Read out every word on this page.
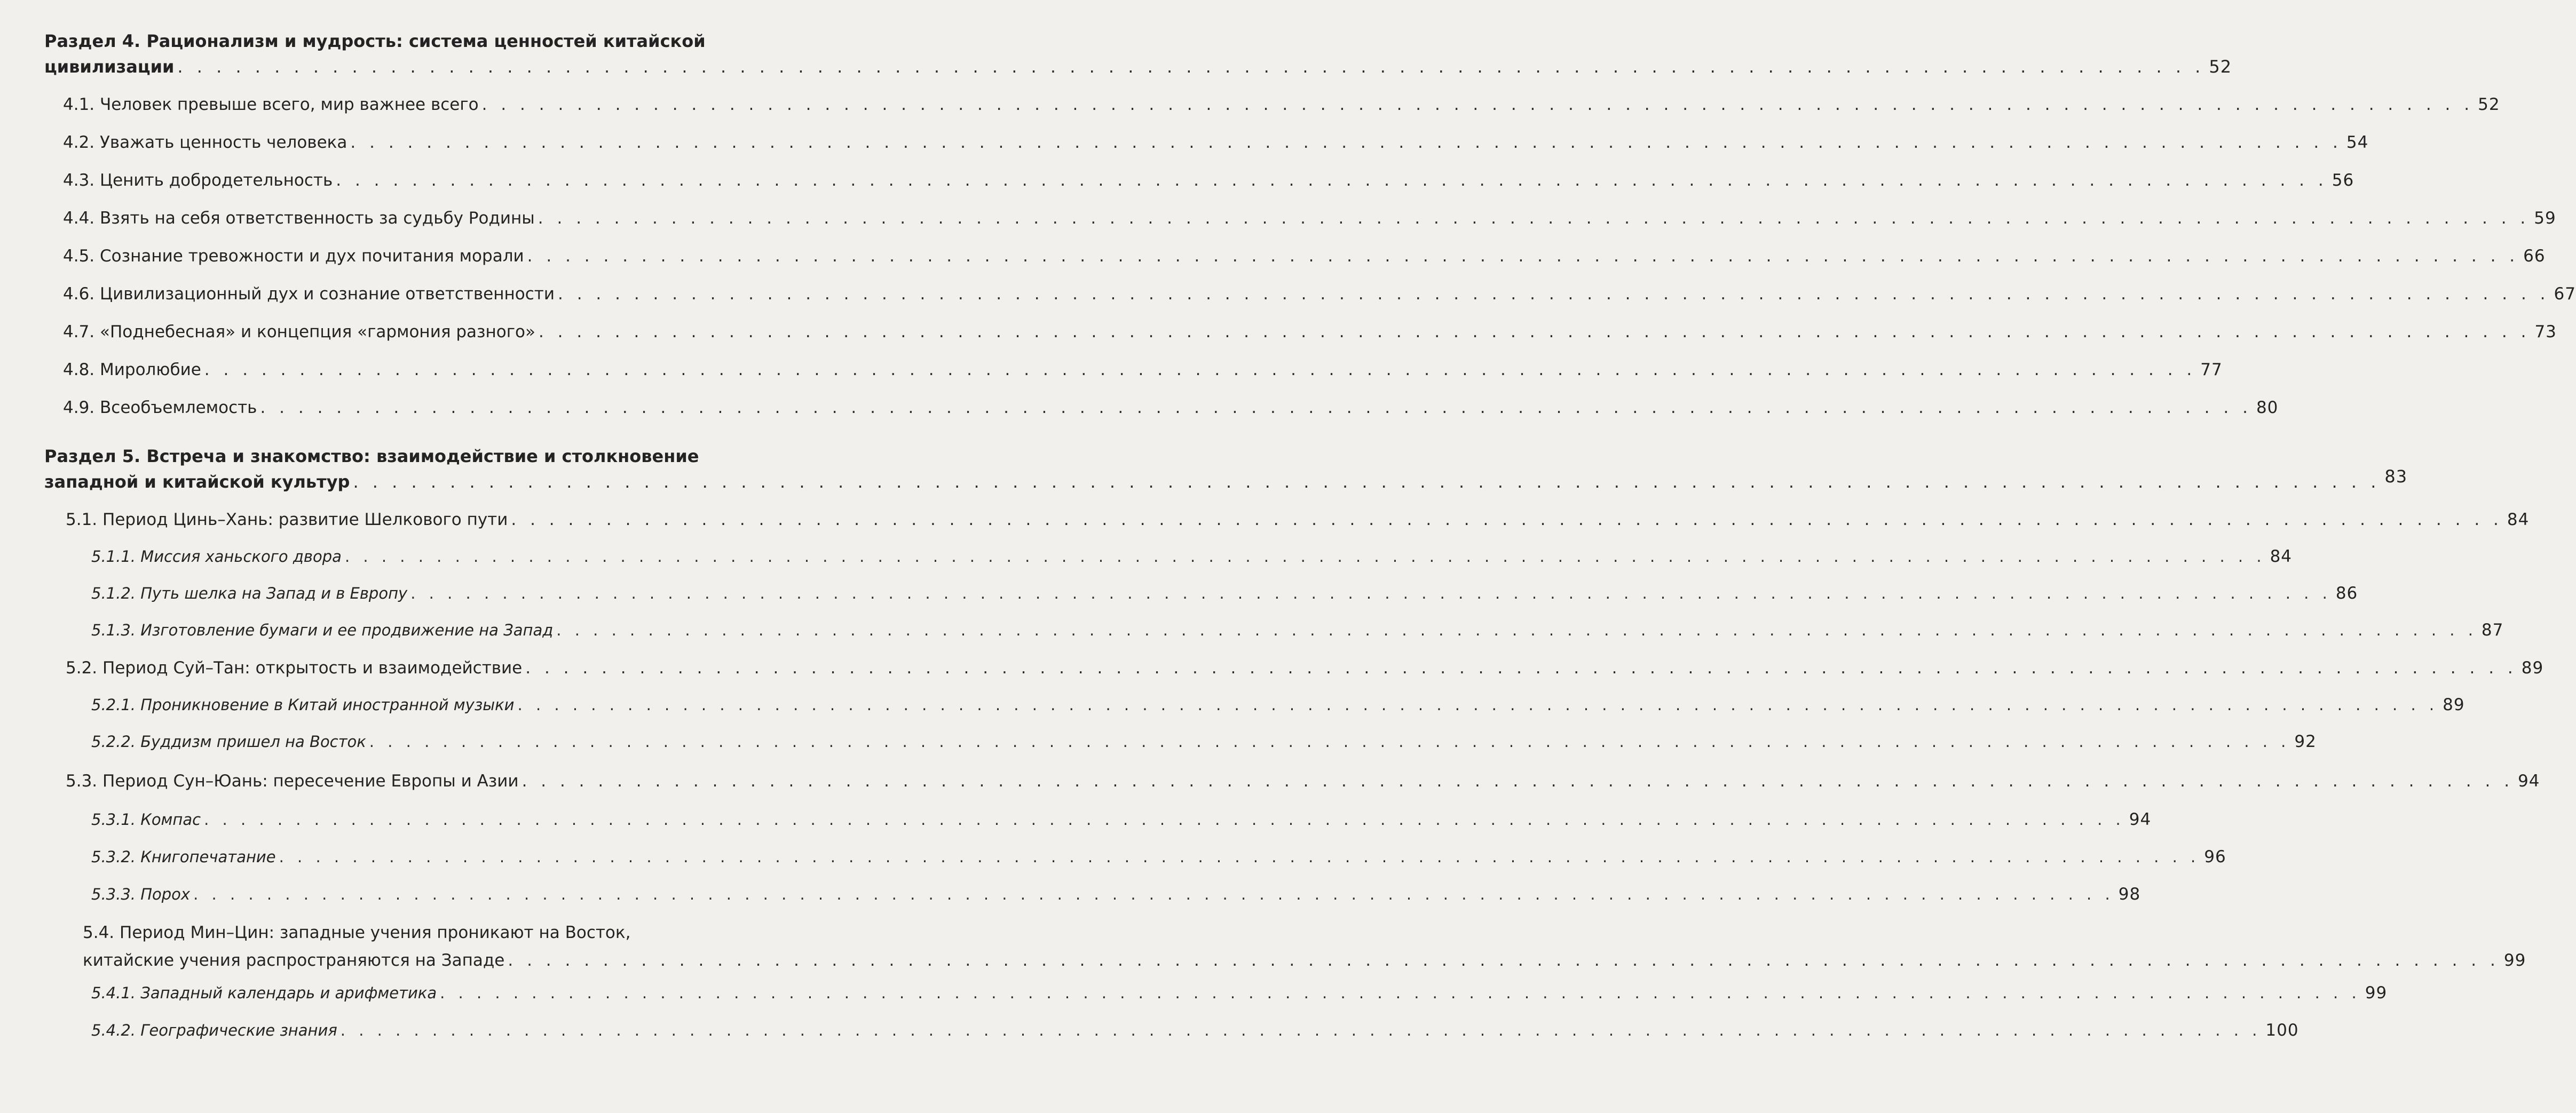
Раздел 4. Рационализм и мудрость: система ценностей китайской
цивилизации . . .	52
4.1. Человек превыше всего, мир важнее всего . . .	52
4.2. Уважать ценность человека . . .	54
4.3. Ценить добродетельность . . .	56
4.4. Взять на себя ответственность за судьбу Родины . . .	59
4.5. Сознание тревожности и дух почитания морали . . .	66
4.6. Цивилизационный дух и сознание ответственности . . .	67
4.7. «Поднебесная» и концепция «гармония разного» . . .	73
4.8. Миролюбие . . .	77
4.9. Всеобъемлемость . . .	80
Раздел 5. Встреча и знакомство: взаимодействие и столкновение
западной и китайской культур . . .	83
5.1. Период Цинь–Хань: развитие Шелкового пути . . .	84
5.1.1. Миссия ханьского двора . . .	84
5.1.2. Путь шелка на Запад и в Европу . . .	86
5.1.3. Изготовление бумаги и ее продвижение на Запад . . .	87
5.2. Период Суй–Тан: открытость и взаимодействие . . .	89
5.2.1. Проникновение в Китай иностранной музыки . . .	89
5.2.2. Буддизм пришел на Восток . . .	92
5.3. Период Сун–Юань: пересечение Европы и Азии . . .	94
5.3.1. Компас . . .	94
5.3.2. Книгопечатание . . .	96
5.3.3. Порох . . .	98
5.4. Период Мин–Цин: западные учения проникают на Восток,
китайские учения распространяются на Западе . . .	99
5.4.1. Западный календарь и арифметика . . .	99
5.4.2. Географические знания . . .	100
